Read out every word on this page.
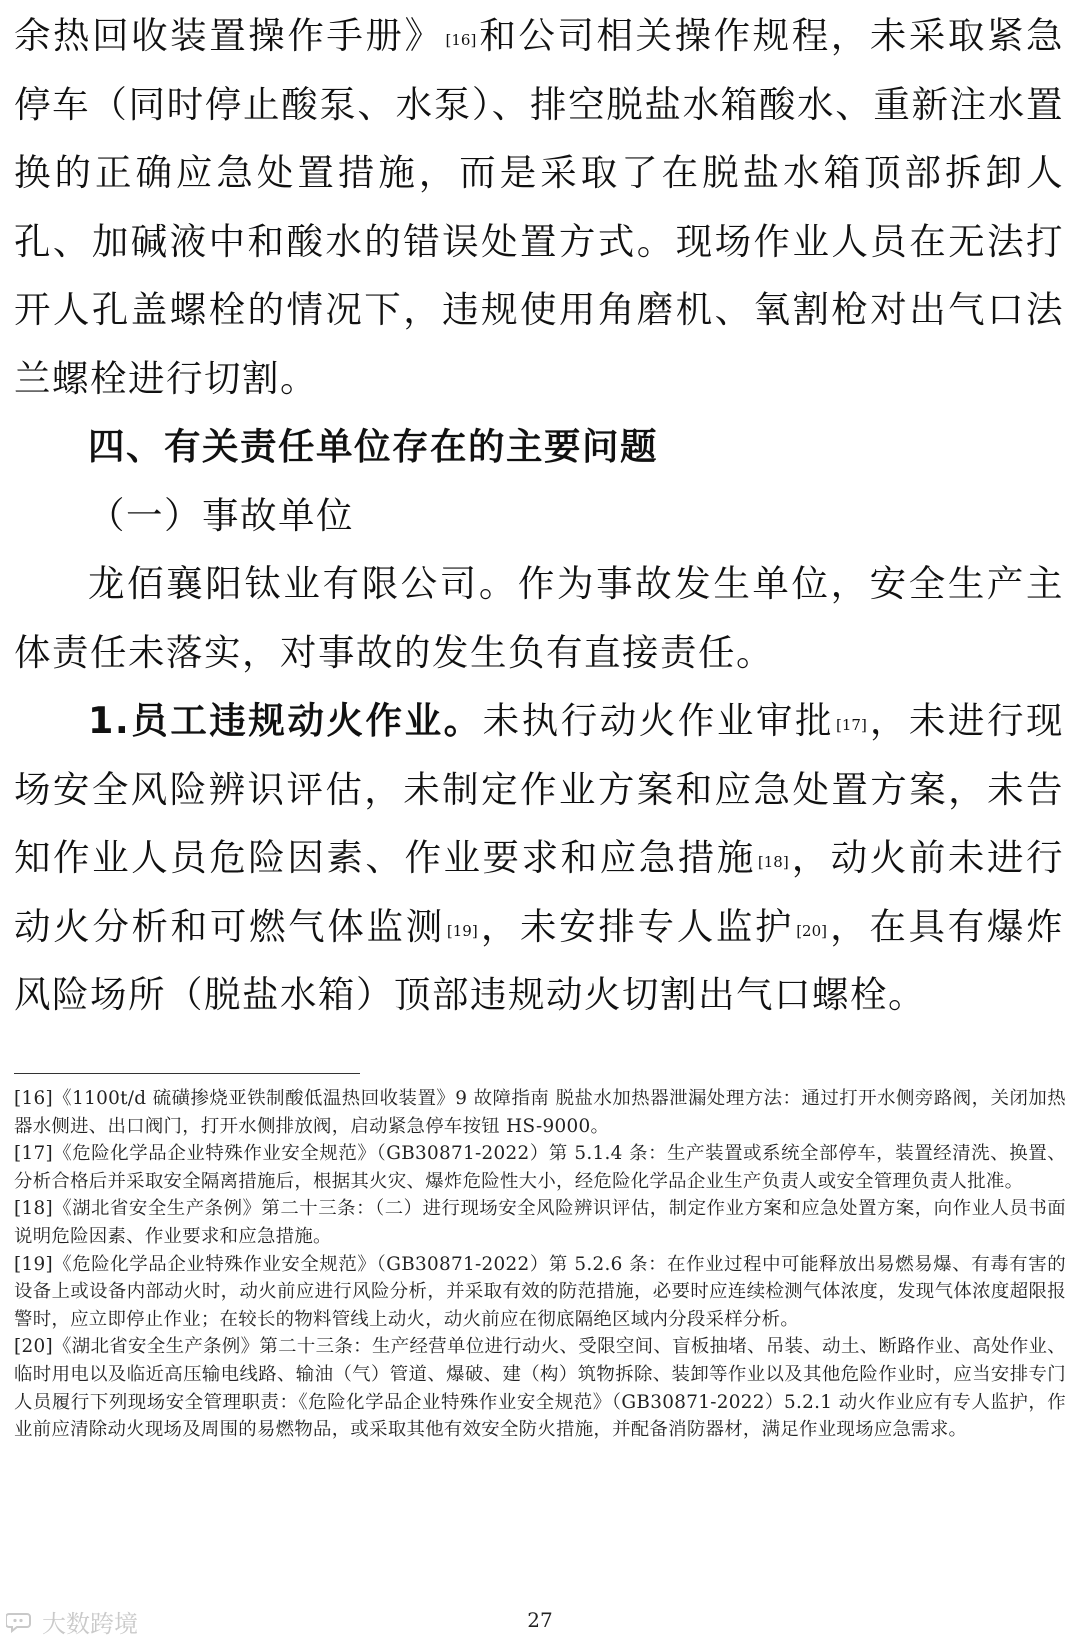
余热回收装置操作手册》 [16]和公司相关操作规程，未采取紧急停车（同时停止酸泵、水泵）、排空脱盐水箱酸水、重新注水置换的正确应急处置措施，而是采取了在脱盐水箱顶部拆卸人孔、加碱液中和酸水的错误处置方式。现场作业人员在无法打开人孔盖螺栓的情况下，违规使用角磨机、氧割枪对出气口法兰螺栓进行切割。

四、有关责任单位存在的主要问题

（一）事故单位

龙佰襄阳钛业有限公司。作为事故发生单位，安全生产主体责任未落实，对事故的发生负有直接责任。

1.员工违规动火作业。未执行动火作业审批 [17]，未进行现场安全风险辨识评估，未制定作业方案和应急处置方案，未告知作业人员危险因素、作业要求和应急措施 [18]，动火前未进行动火分析和可燃气体监测 [19]，未安排专人监护 [20]，在具有爆炸风险场所（脱盐水箱）顶部违规动火切割出气口螺栓。

[16]《1100t/d 硫磺掺烧亚铁制酸低温热回收装置》9 故障指南 脱盐水加热器泄漏处理方法：通过打开水侧旁路阀，关闭加热器水侧进、出口阀门，打开水侧排放阀，启动紧急停车按钮 HS-9000。

[17]《危险化学品企业特殊作业安全规范》（GB30871-2022）第 5.1.4 条：生产装置或系统全部停车，装置经清洗、换置、分析合格后并采取安全隔离措施后，根据其火灾、爆炸危险性大小，经危险化学品企业生产负责人或安全管理负责人批准。

[18]《湖北省安全生产条例》第二十三条：（二）进行现场安全风险辨识评估，制定作业方案和应急处置方案，向作业人员书面说明危险因素、作业要求和应急措施。

[19]《危险化学品企业特殊作业安全规范》（GB30871-2022）第 5.2.6 条：在作业过程中可能释放出易燃易爆、有毒有害的设备上或设备内部动火时，动火前应进行风险分析，并采取有效的防范措施，必要时应连续检测气体浓度，发现气体浓度超限报警时，应立即停止作业；在较长的物料管线上动火，动火前应在彻底隔绝区域内分段采样分析。

[20]《湖北省安全生产条例》第二十三条：生产经营单位进行动火、受限空间、盲板抽堵、吊装、动土、断路作业、高处作业、临时用电以及临近高压输电线路、输油（气）管道、爆破、建（构）筑物拆除、装卸等作业以及其他危险作业时，应当安排专门人员履行下列现场安全管理职责：《危险化学品企业特殊作业安全规范》（GB30871-2022）5.2.1 动火作业应有专人监护，作业前应清除动火现场及周围的易燃物品，或采取其他有效安全防火措施，并配备消防器材，满足作业现场应急需求。

大数跨境	27
